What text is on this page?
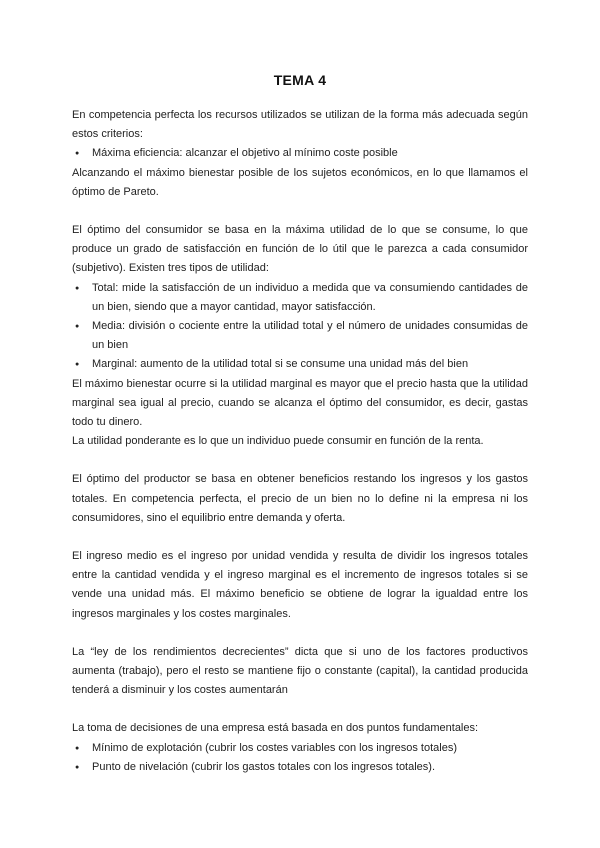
TEMA 4

En competencia perfecta los recursos utilizados se utilizan de la forma más adecuada según estos criterios:

● Máxima eficiencia: alcanzar el objetivo al mínimo coste posible

Alcanzando el máximo bienestar posible de los sujetos económicos, en lo que llamamos el óptimo de Pareto.

El óptimo del consumidor se basa en la máxima utilidad de lo que se consume, lo que produce un grado de satisfacción en función de lo útil que le parezca a cada consumidor (subjetivo). Existen tres tipos de utilidad:

● Total: mide la satisfacción de un individuo a medida que va consumiendo cantidades de un bien, siendo que a mayor cantidad, mayor satisfacción.
● Media: división o cociente entre la utilidad total y el número de unidades consumidas de un bien
● Marginal: aumento de la utilidad total si se consume una unidad más del bien

El máximo bienestar ocurre si la utilidad marginal es mayor que el precio hasta que la utilidad marginal sea igual al precio, cuando se alcanza el óptimo del consumidor, es decir, gastas todo tu dinero.

La utilidad ponderante es lo que un individuo puede consumir en función de la renta.

El óptimo del productor se basa en obtener beneficios restando los ingresos y los gastos totales. En competencia perfecta, el precio de un bien no lo define ni la empresa ni los consumidores, sino el equilibrio entre demanda y oferta.

El ingreso medio es el ingreso por unidad vendida y resulta de dividir los ingresos totales entre la cantidad vendida y el ingreso marginal es el incremento de ingresos totales si se vende una unidad más. El máximo beneficio se obtiene de lograr la igualdad entre los ingresos marginales y los costes marginales.

La “ley de los rendimientos decrecientes” dicta que si uno de los factores productivos aumenta (trabajo), pero el resto se mantiene fijo o constante (capital), la cantidad producida tenderá a disminuir y los costes aumentarán

La toma de decisiones de una empresa está basada en dos puntos fundamentales:

● Mínimo de explotación (cubrir los costes variables con los ingresos totales)
● Punto de nivelación (cubrir los gastos totales con los ingresos totales).
